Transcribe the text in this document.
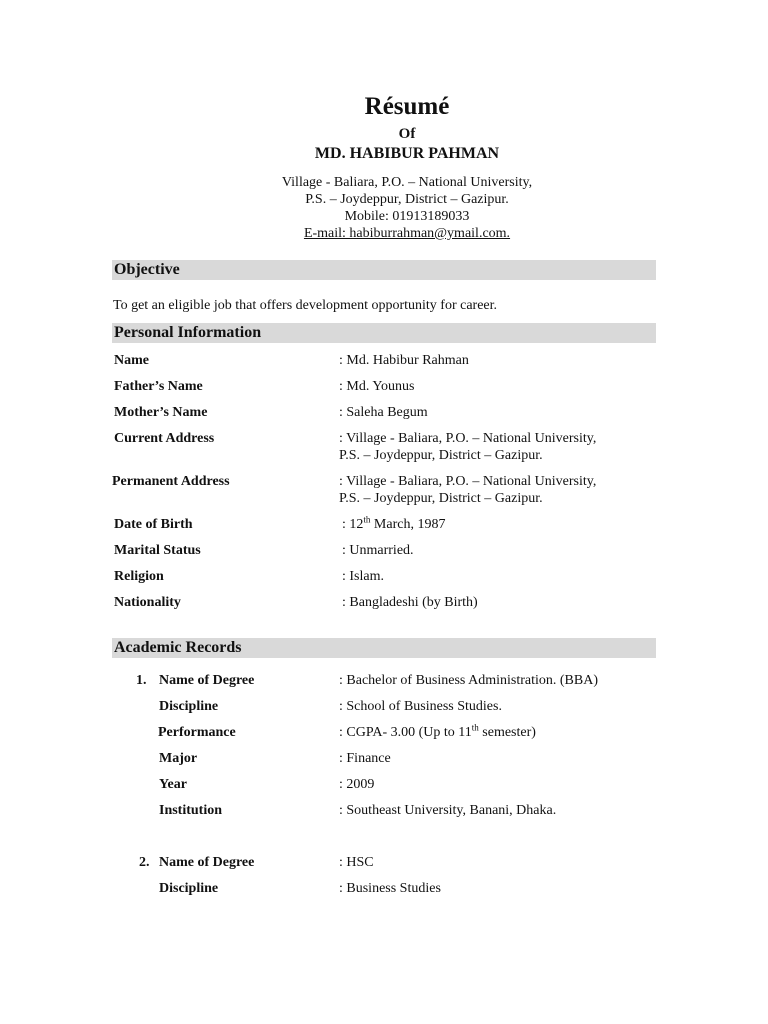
Résumé
Of
MD. HABIBUR PAHMAN
Village - Baliara, P.O. – National University,
P.S. – Joydeppur, District – Gazipur.
Mobile: 01913189033
E-mail: habiburrahman@ymail.com.
Objective
To get an eligible job that offers development opportunity for career.
Personal Information
Name	: Md. Habibur Rahman
Father’s Name	: Md. Younus
Mother’s Name	: Saleha Begum
Current Address	: Village - Baliara, P.O. – National University,
P.S. – Joydeppur, District – Gazipur.
Permanent Address	: Village - Baliara, P.O. – National University,
P.S. – Joydeppur, District – Gazipur.
Date of Birth	: 12th March, 1987
Marital Status	: Unmarried.
Religion	: Islam.
Nationality	: Bangladeshi (by Birth)
Academic Records
1. Name of Degree	: Bachelor of Business Administration. (BBA)
Discipline	: School of Business Studies.
Performance	: CGPA- 3.00 (Up to 11th semester)
Major	: Finance
Year	: 2009
Institution	: Southeast University, Banani, Dhaka.
2. Name of Degree	: HSC
Discipline	: Business Studies
